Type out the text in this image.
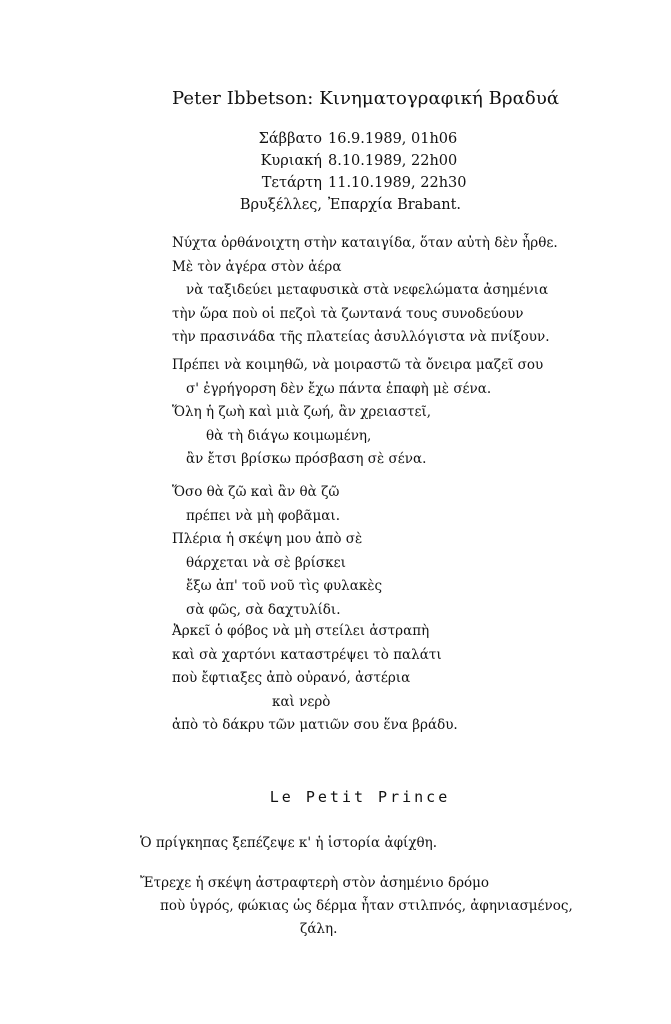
Peter Ibbetson: Κινηματογραφική Βραδυά
Σάββατο 16.9.1989, 01h06
Κυριακή 8.10.1989, 22h00
Τετάρτη 11.10.1989, 22h30
Βρυξέλλες, Ἐπαρχία Brabant.
Νύχτα ὀρθάνοιχτη στὴν καταιγίδα, ὅταν αὐτὴ δὲν ἦρθε.
Μὲ τὸν ἀγέρα στὸν ἀέρα
νὰ ταξιδεύει μεταφυσικὰ στὰ νεφελώματα ἀσημένια
τὴν ὥρα ποὺ οἱ πεζοὶ τὰ ζωντανά τους συνοδεύουν
τὴν πρασινάδα τῆς πλατείας ἀσυλλόγιστα νὰ πνίξουν.
Πρέπει νὰ κοιμηθῶ, νὰ μοιραστῶ τὰ ὄνειρα μαζεῖ σου
σ' ἐγρήγορση δὲν ἔχω πάντα ἐπαφὴ μὲ σένα.
Ὅλη ἡ ζωὴ καὶ μιὰ ζωή, ἂν χρειαστεῖ,
θὰ τὴ διάγω κοιμωμένη,
ἂν ἔτσι βρίσκω πρόσβαση σὲ σένα.
Ὅσο θὰ ζῶ καὶ ἂν θὰ ζῶ
πρέπει νὰ μὴ φοβᾶμαι.
Πλέρια ἡ σκέψη μου ἀπὸ σὲ
θάρχεται νὰ σὲ βρίσκει
ἔξω ἀπ' τοῦ νοῦ τὶς φυλακὲς
σὰ φῶς, σὰ δαχτυλίδι.
Ἀρκεῖ ὁ φόβος νὰ μὴ στείλει ἀστραπὴ
καὶ σὰ χαρτόνι καταστρέψει τὸ παλάτι
ποὺ ἔφτιαξες ἀπὸ οὐρανό, ἀστέρια
καὶ νερὸ
ἀπὸ τὸ δάκρυ τῶν ματιῶν σου ἕνα βράδυ.
Le Petit Prince
Ὁ πρίγκηπας ξεπέζεψε κ' ἡ ἱστορία ἀφίχθη.
Ἔτρεχε ἡ σκέψη ἀστραφτερὴ στὸν ἀσημένιο δρόμο
ποὺ ὑγρός, φώκιας ὡς δέρμα ἦταν στιλπνός, ἀφηνιασμένος,
ζάλη.
